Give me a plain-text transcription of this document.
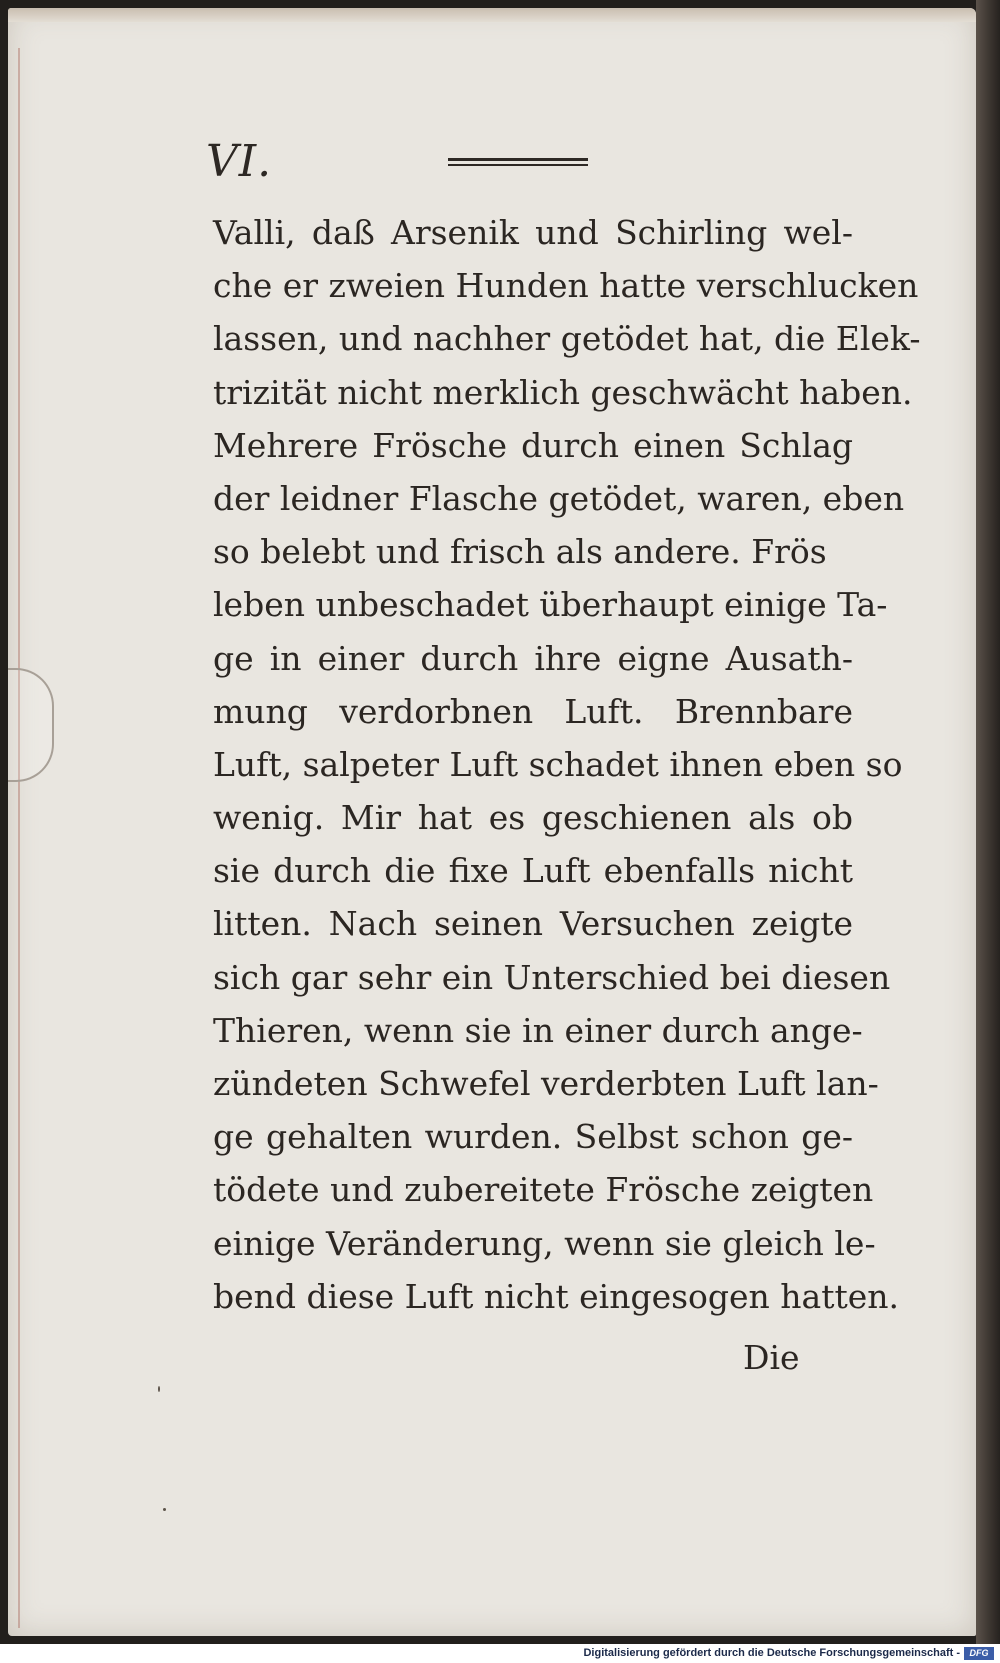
VI.
Valli, daß Arsenik und Schirling wel-
che er zweien Hunden hatte verschlucken
lassen, und nachher getödet hat, die Elek-
trizität nicht merklich geschwächt haben.
Mehrere Frösche durch einen Schlag
der leidner Flasche getödet, waren, eben
so belebt und frisch als andere. Frös
leben unbeschadet überhaupt einige Ta-
ge in einer durch ihre eigne Ausath-
mung verdorbnen Luft. Brennbare
Luft, salpeter Luft schadet ihnen eben so
wenig. Mir hat es geschienen als ob
sie durch die fixe Luft ebenfalls nicht
litten. Nach seinen Versuchen zeigte
sich gar sehr ein Unterschied bei diesen
Thieren, wenn sie in einer durch ange-
zündeten Schwefel verderbten Luft lan-
ge gehalten wurden. Selbst schon ge-
tödete und zubereitete Frösche zeigten
einige Veränderung, wenn sie gleich le-
bend diese Luft nicht eingesogen hatten.
Die
Digitalisierung gefördert durch die Deutsche Forschungsgemeinschaft -	DFG
